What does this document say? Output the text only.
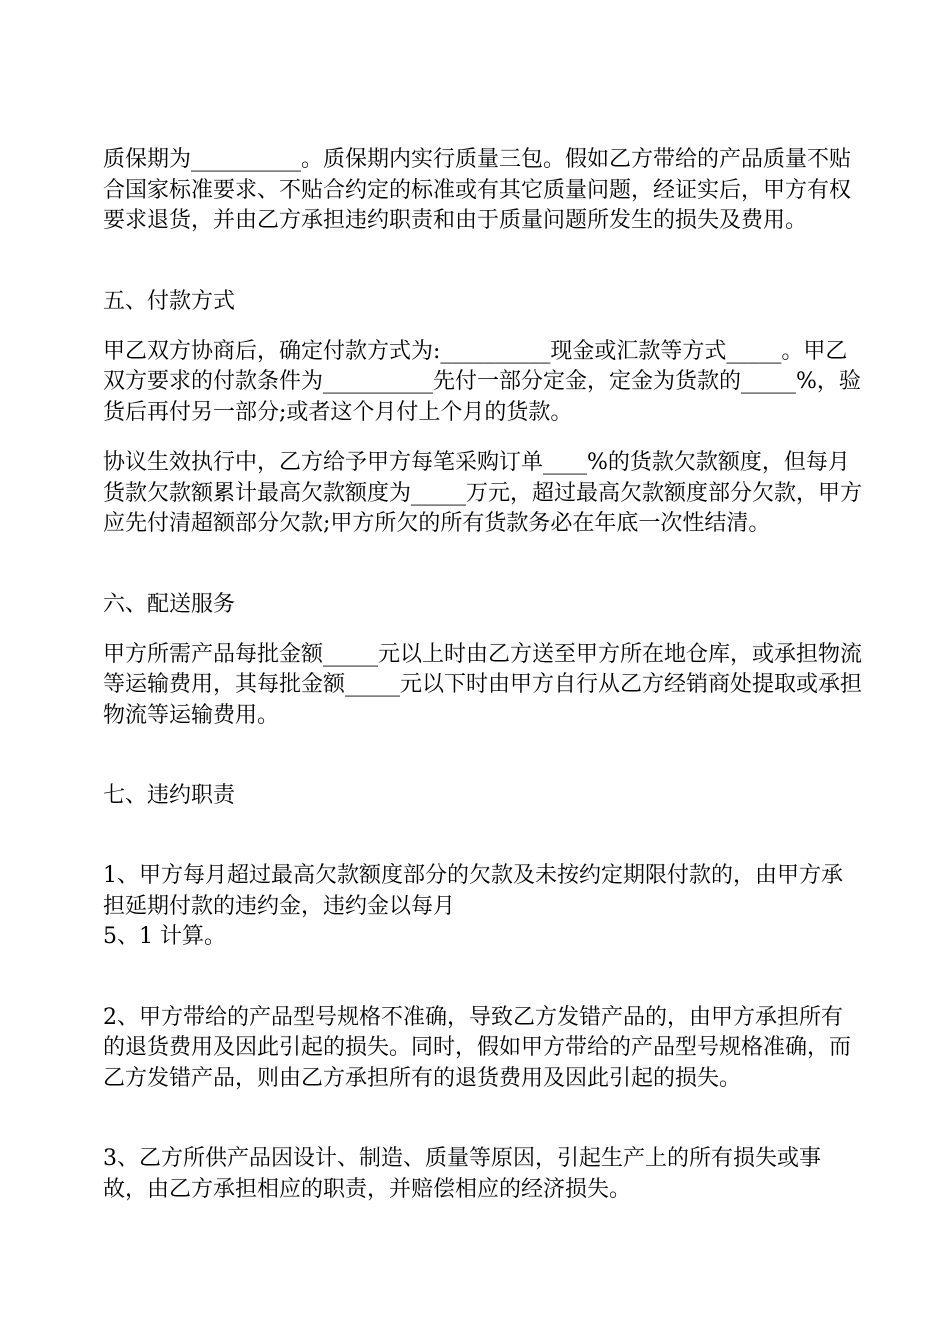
质保期为__________。质保期内实行质量三包。假如乙方带给的产品质量不贴合国家标准要求、不贴合约定的标准或有其它质量问题，经证实后，甲方有权要求退货，并由乙方承担违约职责和由于质量问题所发生的损失及费用。

五、付款方式

甲乙双方协商后，确定付款方式为:__________现金或汇款等方式_____。甲乙双方要求的付款条件为__________先付一部分定金，定金为货款的_____%，验货后再付另一部分;或者这个月付上个月的货款。

协议生效执行中，乙方给予甲方每笔采购订单____%的货款欠款额度，但每月货款欠款额累计最高欠款额度为_____万元，超过最高欠款额度部分欠款，甲方应先付清超额部分欠款;甲方所欠的所有货款务必在年底一次性结清。

六、配送服务

甲方所需产品每批金额_____元以上时由乙方送至甲方所在地仓库，或承担物流等运输费用，其每批金额_____元以下时由甲方自行从乙方经销商处提取或承担物流等运输费用。

七、违约职责

1、甲方每月超过最高欠款额度部分的欠款及未按约定期限付款的，由甲方承担延期付款的违约金，违约金以每月

5、1 计算。

2、甲方带给的产品型号规格不准确，导致乙方发错产品的，由甲方承担所有的退货费用及因此引起的损失。同时，假如甲方带给的产品型号规格准确，而乙方发错产品，则由乙方承担所有的退货费用及因此引起的损失。

3、乙方所供产品因设计、制造、质量等原因，引起生产上的所有损失或事故，由乙方承担相应的职责，并赔偿相应的经济损失。
